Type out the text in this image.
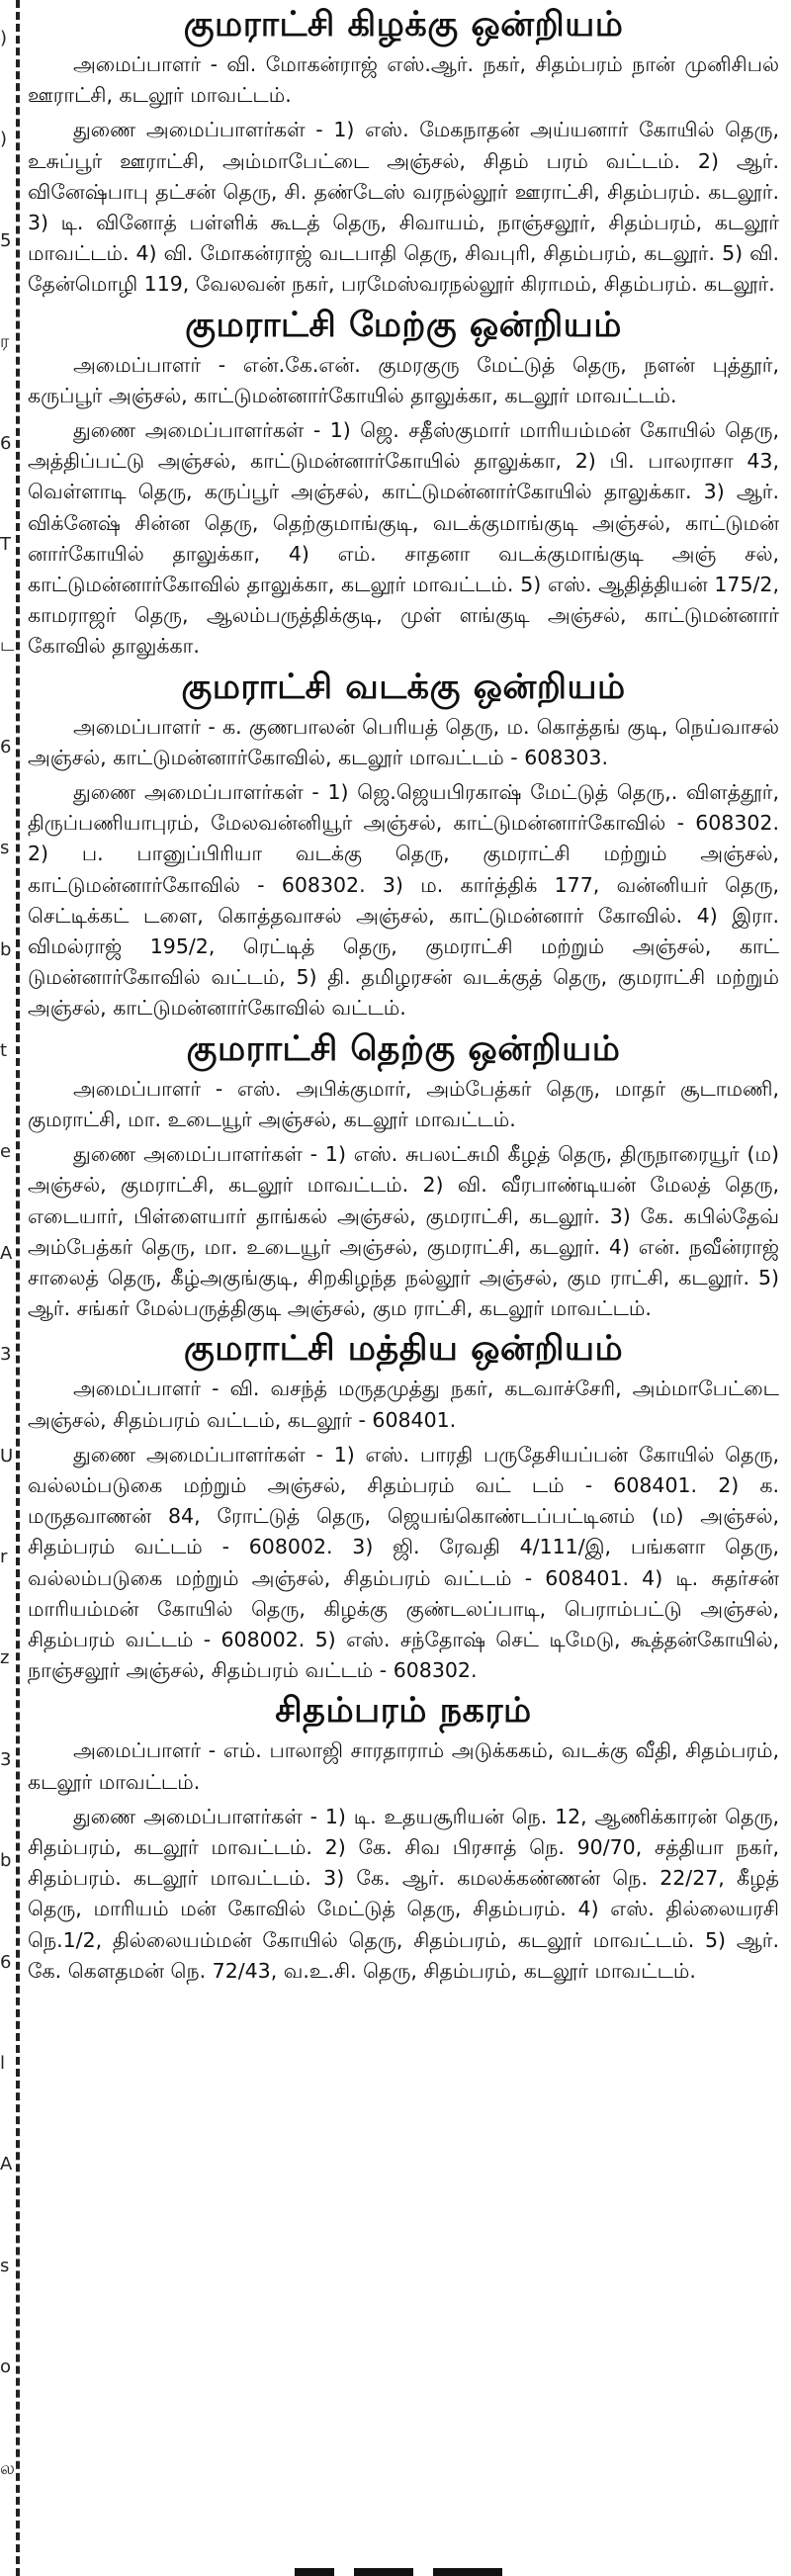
)
)
5
ர
6
T
ட
6
s
b
t
e
A
3
U
r
z
3
b
6
l
A
s
o
ல
குமராட்சி கிழக்கு ஒன்றியம்

அமைப்பாளர் - வி. மோகன்ராஜ் எஸ்.ஆர். நகர், சிதம்பரம் நான் முனிசிபல் ஊராட்சி, கடலூர் மாவட்டம்.

துணை அமைப்பாளர்கள் - 1) எஸ். மேகநாதன் அய்யனார் கோயில் தெரு, உசுப்பூர் ஊராட்சி, அம்மாபேட்டை அஞ்சல், சிதம் பரம் வட்டம். 2) ஆர். வினேஷ்பாபு தட்சன் தெரு, சி. தண்டேஸ் வரநல்லூர் ஊராட்சி, சிதம்பரம். கடலூர். 3) டி. வினோத் பள்ளிக் கூடத் தெரு, சிவாயம், நாஞ்சலூர், சிதம்பரம், கடலூர் மாவட்டம். 4) வி. மோகன்ராஜ் வடபாதி தெரு, சிவபுரி, சிதம்பரம், கடலூர். 5) வி. தேன்மொழி 119, வேலவன் நகர், பரமேஸ்வரநல்லூர் கிராமம், சிதம்பரம். கடலூர்.

குமராட்சி மேற்கு ஒன்றியம்

அமைப்பாளர் - என்.கே.என். குமரகுரு மேட்டுத் தெரு, நளன் புத்தூர், கருப்பூர் அஞ்சல், காட்டுமன்னார்கோயில் தாலுக்கா, கடலூர் மாவட்டம்.

துணை அமைப்பாளர்கள் - 1) ஜெ. சதீஸ்குமார் மாரியம்மன் கோயில் தெரு, அத்திப்பட்டு அஞ்சல், காட்டுமன்னார்கோயில் தாலுக்கா, 2) பி. பாலராசா 43, வெள்ளாடி தெரு, கருப்பூர் அஞ்சல், காட்டுமன்னார்கோயில் தாலுக்கா. 3) ஆர். விக்னேஷ் சின்ன தெரு, தெற்குமாங்குடி, வடக்குமாங்குடி அஞ்சல், காட்டுமன் னார்கோயில் தாலுக்கா, 4) எம். சாதனா வடக்குமாங்குடி அஞ் சல், காட்டுமன்னார்கோவில் தாலுக்கா, கடலூர் மாவட்டம். 5) எஸ். ஆதித்தியன் 175/2, காமராஜர் தெரு, ஆலம்பருத்திக்குடி, முள் ளங்குடி அஞ்சல், காட்டுமன்னார் கோவில் தாலுக்கா.

குமராட்சி வடக்கு ஒன்றியம்

அமைப்பாளர் - க. குணபாலன் பெரியத் தெரு, ம. கொத்தங் குடி, நெய்வாசல் அஞ்சல், காட்டுமன்னார்கோவில், கடலூர் மாவட்டம் - 608303.

துணை அமைப்பாளர்கள் - 1) ஜெ.ஜெயபிரகாஷ் மேட்டுத் தெரு,. விளத்தூர், திருப்பணியாபுரம், மேலவன்னியூர் அஞ்சல், காட்டுமன்னார்கோவில் - 608302. 2) ப. பானுப்பிரியா வடக்கு தெரு, குமராட்சி மற்றும் அஞ்சல், காட்டுமன்னார்கோவில் - 608302. 3) ம. கார்த்திக் 177, வன்னியர் தெரு, செட்டிக்கட் டளை, கொத்தவாசல் அஞ்சல், காட்டுமன்னார் கோவில். 4) இரா. விமல்ராஜ் 195/2, ரெட்டித் தெரு, குமராட்சி மற்றும் அஞ்சல், காட் டுமன்னார்கோவில் வட்டம், 5) தி. தமிழரசன் வடக்குத் தெரு, குமராட்சி மற்றும் அஞ்சல், காட்டுமன்னார்கோவில் வட்டம்.

குமராட்சி தெற்கு ஒன்றியம்

அமைப்பாளர் - எஸ். அபிக்குமார், அம்பேத்கர் தெரு, மாதர் சூடாமணி, குமராட்சி, மா. உடையூர் அஞ்சல், கடலூர் மாவட்டம்.

துணை அமைப்பாளர்கள் - 1) எஸ். சுபலட்சுமி கீழத் தெரு, திருநாரையூர் (ம) அஞ்சல், குமராட்சி, கடலூர் மாவட்டம். 2) வி. வீரபாண்டியன் மேலத் தெரு, எடையார், பிள்ளையார் தாங்கல் அஞ்சல், குமராட்சி, கடலூர். 3) கே. கபில்தேவ் அம்பேத்கர் தெரு, மா. உடையூர் அஞ்சல், குமராட்சி, கடலூர். 4) என். நவீன்ராஜ் சாலைத் தெரு, கீழ்அகுங்குடி, சிறகிழந்த நல்லூர் அஞ்சல், கும ராட்சி, கடலூர். 5) ஆர். சங்கர் மேல்பருத்திகுடி அஞ்சல், கும ராட்சி, கடலூர் மாவட்டம்.

குமராட்சி மத்திய ஒன்றியம்

அமைப்பாளர் - வி. வசந்த் மருதமுத்து நகர், கடவாச்சேரி, அம்மாபேட்டை அஞ்சல், சிதம்பரம் வட்டம், கடலூர் - 608401.

துணை அமைப்பாளர்கள் - 1) எஸ். பாரதி பருதேசியப்பன் கோயில் தெரு, வல்லம்படுகை மற்றும் அஞ்சல், சிதம்பரம் வட் டம் - 608401. 2) க. மருதவாணன் 84, ரோட்டுத் தெரு, ஜெயங்கொண்டப்பட்டினம் (ம) அஞ்சல், சிதம்பரம் வட்டம் - 608002. 3) ஜி. ரேவதி 4/111/இ, பங்களா தெரு, வல்லம்படுகை மற்றும் அஞ்சல், சிதம்பரம் வட்டம் - 608401. 4) டி. சுதர்சன் மாரியம்மன் கோயில் தெரு, கிழக்கு குண்டலப்பாடி, பெராம்பட்டு அஞ்சல், சிதம்பரம் வட்டம் - 608002. 5) எஸ். சந்தோஷ் செட் டிமேடு, கூத்தன்கோயில், நாஞ்சலூர் அஞ்சல், சிதம்பரம் வட்டம் - 608302.

சிதம்பரம் நகரம்

அமைப்பாளர் - எம். பாலாஜி சாரதாராம் அடுக்ககம், வடக்கு வீதி, சிதம்பரம், கடலூர் மாவட்டம்.

துணை அமைப்பாளர்கள் - 1) டி. உதயசூரியன் நெ. 12, ஆணிக்காரன் தெரு, சிதம்பரம், கடலூர் மாவட்டம். 2) கே. சிவ பிரசாத் நெ. 90/70, சத்தியா நகர், சிதம்பரம். கடலூர் மாவட்டம். 3) கே. ஆர். கமலக்கண்ணன் நெ. 22/27, கீழத் தெரு, மாரியம் மன் கோவில் மேட்டுத் தெரு, சிதம்பரம். 4) எஸ். தில்லையரசி நெ.1/2, தில்லையம்மன் கோயில் தெரு, சிதம்பரம், கடலூர் மாவட்டம். 5) ஆர். கே. கௌதமன் நெ. 72/43, வ.உ.சி. தெரு, சிதம்பரம், கடலூர் மாவட்டம்.
